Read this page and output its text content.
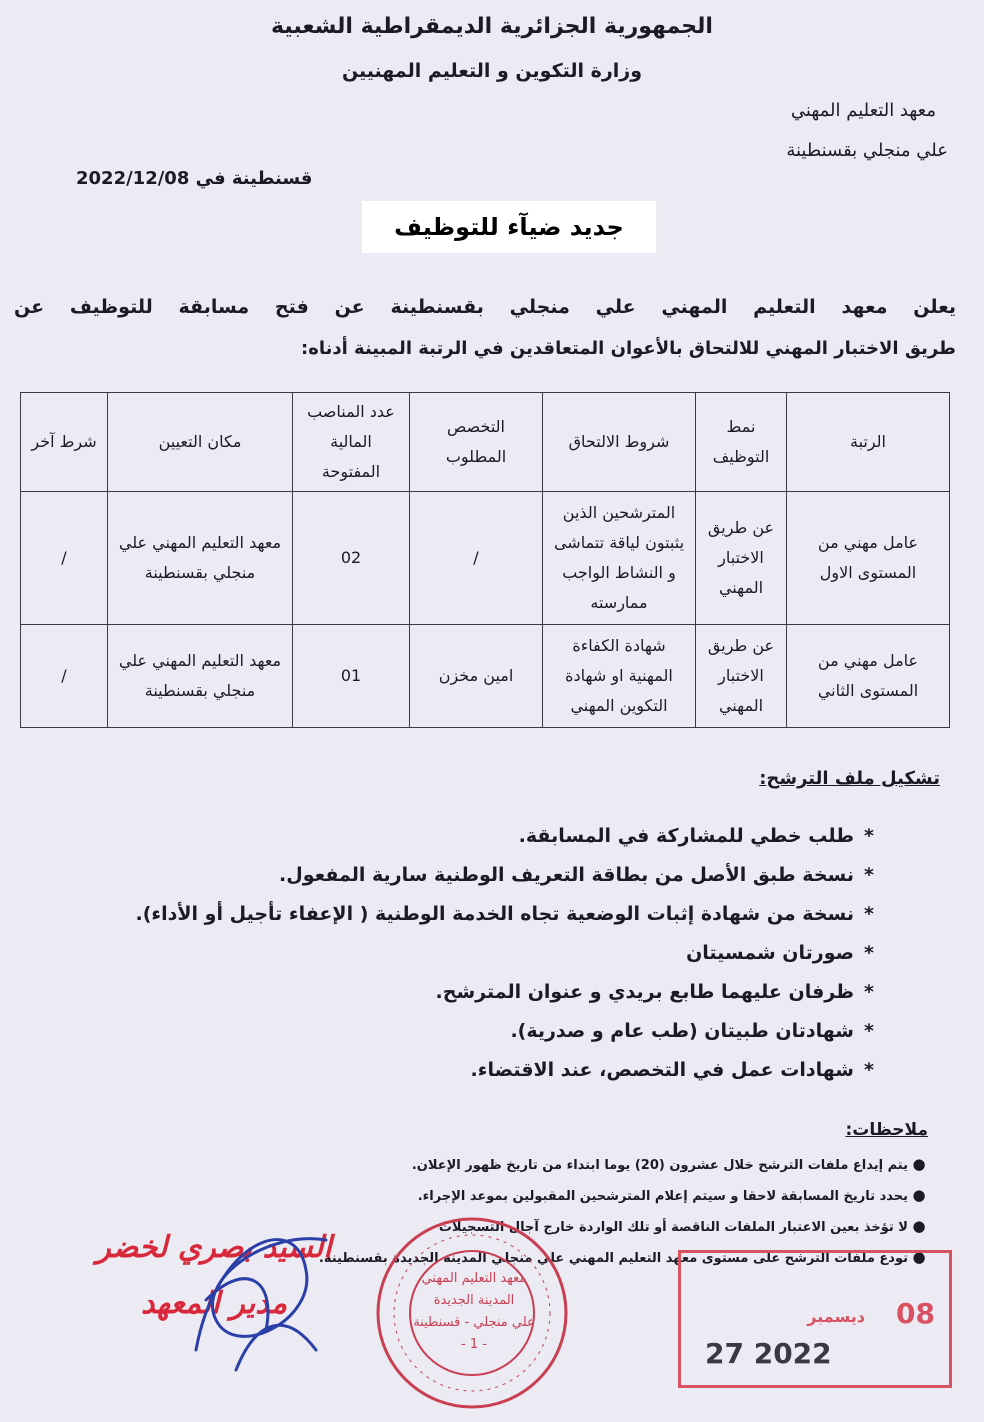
الجمهورية الجزائرية الديمقراطية الشعبية
وزارة التكوين و التعليم المهنيين
معهد التعليم المهني
علي منجلي بقسنطينة
قسنطينة في 2022/12/08
جديد ضيآء للتوظيف
يعلن معهد التعليم المهني علي منجلي بقسنطينة عن فتح مسابقة للتوظيف عن
طريق الاختبار المهني للالتحاق بالأعوان المتعاقدين في الرتبة المبينة أدناه:
الرتبة	نمط التوظيف	شروط الالتحاق	التخصص المطلوب	عدد المناصب المالية المفتوحة	مكان التعيين	شرط آخر
عامل مهني من المستوى الاول	عن طريق الاختبار المهني	المترشحين الذين يثبتون لياقة تتماشى و النشاط الواجب ممارسته	/	02	معهد التعليم المهني علي منجلي بقسنطينة	/
عامل مهني من المستوى الثاني	عن طريق الاختبار المهني	شهادة الكفاءة المهنية او شهادة التكوين المهني	امين مخزن	01	معهد التعليم المهني علي منجلي بقسنطينة	/
تشكيل ملف الترشح:
*طلب خطي للمشاركة في المسابقة.
*نسخة طبق الأصل من بطاقة التعريف الوطنية سارية المفعول.
*نسخة من شهادة إثبات الوضعية تجاه الخدمة الوطنية ( الإعفاء تأجيل أو الأداء).
*صورتان شمسيتان
*ظرفان عليهما طابع بريدي و عنوان المترشح.
*شهادتان طبيتان (طب عام و صدرية).
*شهادات عمل في التخصص، عند الاقتضاء.
ملاحظات:
●يتم إيداع ملفات الترشح خلال عشرون (20) يوما ابتداء من تاريخ ظهور الإعلان.
●يحدد تاريخ المسابقة لاحقا و سيتم إعلام المترشحين المقبولين بموعد الإجراء.
●لا تؤخذ بعين الاعتبار الملفات الناقصة أو تلك الواردة خارج آجال التسجيلات
●تودع ملفات الترشح على مستوى معهد التعليم المهني علي منجلي المدينة الجديدة بقسنطينة.
السيد بصري لخضر
مدير المعهد
معهد التعليم المهني
المدينة الجديدة
علي منجلي - قسنطينة
- 1 -
08
ديسمبر
27 2022
